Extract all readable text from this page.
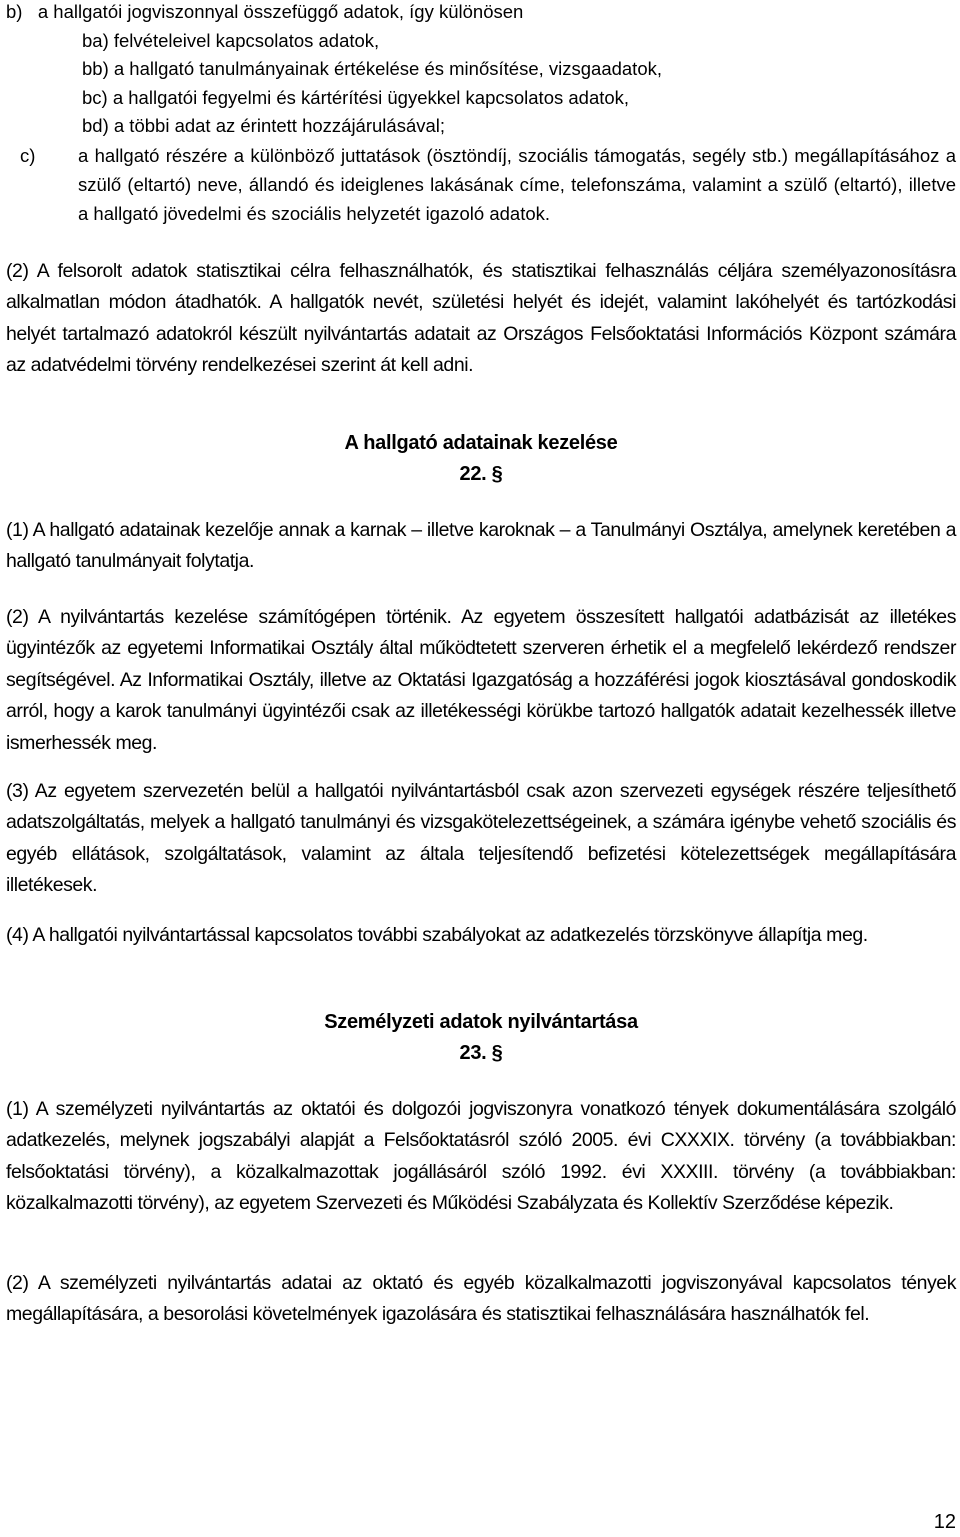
b)   a hallgatói jogviszonnyal összefüggő adatok, így különösen
ba) felvételeivel kapcsolatos adatok,
bb) a hallgató tanulmányainak értékelése és minősítése, vizsgaadatok,
bc) a hallgatói fegyelmi és kártérítési ügyekkel kapcsolatos adatok,
bd) a többi adat az érintett hozzájárulásával;
c) a hallgató részére a különböző juttatások (ösztöndíj, szociális támogatás, segély stb.) megállapításához a szülő (eltartó) neve, állandó és ideiglenes lakásának címe, telefonszáma, valamint a szülő (eltartó), illetve a hallgató jövedelmi és szociális helyzetét igazoló adatok.

(2) A felsorolt adatok statisztikai célra felhasználhatók, és statisztikai felhasználás céljára személyazonosításra alkalmatlan módon átadhatók. A hallgatók nevét, születési helyét és idejét, valamint lakóhelyét és tartózkodási helyét tartalmazó adatokról készült nyilvántartás adatait az Országos Felsőoktatási Információs Központ számára az adatvédelmi törvény rendelkezései szerint át kell adni.

A hallgató adatainak kezelése
22. §

(1) A hallgató adatainak kezelője annak a karnak – illetve karoknak – a Tanulmányi Osztálya, amelynek keretében a hallgató tanulmányait folytatja.

(2) A nyilvántartás kezelése számítógépen történik. Az egyetem összesített hallgatói adatbázisát az illetékes ügyintézők az egyetemi Informatikai Osztály által működtetett szerveren érhetik el a megfelelő lekérdező rendszer segítségével. Az Informatikai Osztály, illetve az Oktatási Igazgatóság a hozzáférési jogok kiosztásával gondoskodik arról, hogy a karok tanulmányi ügyintézői csak az illetékességi körükbe tartozó hallgatók adatait kezelhessék illetve ismerhessék meg.

(3) Az egyetem szervezetén belül a hallgatói nyilvántartásból csak azon szervezeti egységek részére teljesíthető adatszolgáltatás, melyek a hallgató tanulmányi és vizsgakötelezettségeinek, a számára igénybe vehető szociális és egyéb ellátások, szolgáltatások, valamint az általa teljesítendő befizetési kötelezettségek megállapítására illetékesek.

(4) A hallgatói nyilvántartással kapcsolatos további szabályokat az adatkezelés törzskönyve állapítja meg.

Személyzeti adatok nyilvántartása
23. §

(1) A személyzeti nyilvántartás az oktatói és dolgozói jogviszonyra vonatkozó tények dokumentálására szolgáló adatkezelés, melynek jogszabályi alapját a Felsőoktatásról szóló 2005. évi CXXXIX. törvény (a továbbiakban: felsőoktatási törvény), a közalkalmazottak jogállásáról szóló 1992. évi XXXIII. törvény (a továbbiakban: közalkalmazotti törvény), az egyetem Szervezeti és Működési Szabályzata és Kollektív Szerződése képezik.

(2) A személyzeti nyilvántartás adatai az oktató és egyéb közalkalmazotti jogviszonyával kapcsolatos tények megállapítására, a besorolási követelmények igazolására és statisztikai felhasználására használhatók fel.

12
